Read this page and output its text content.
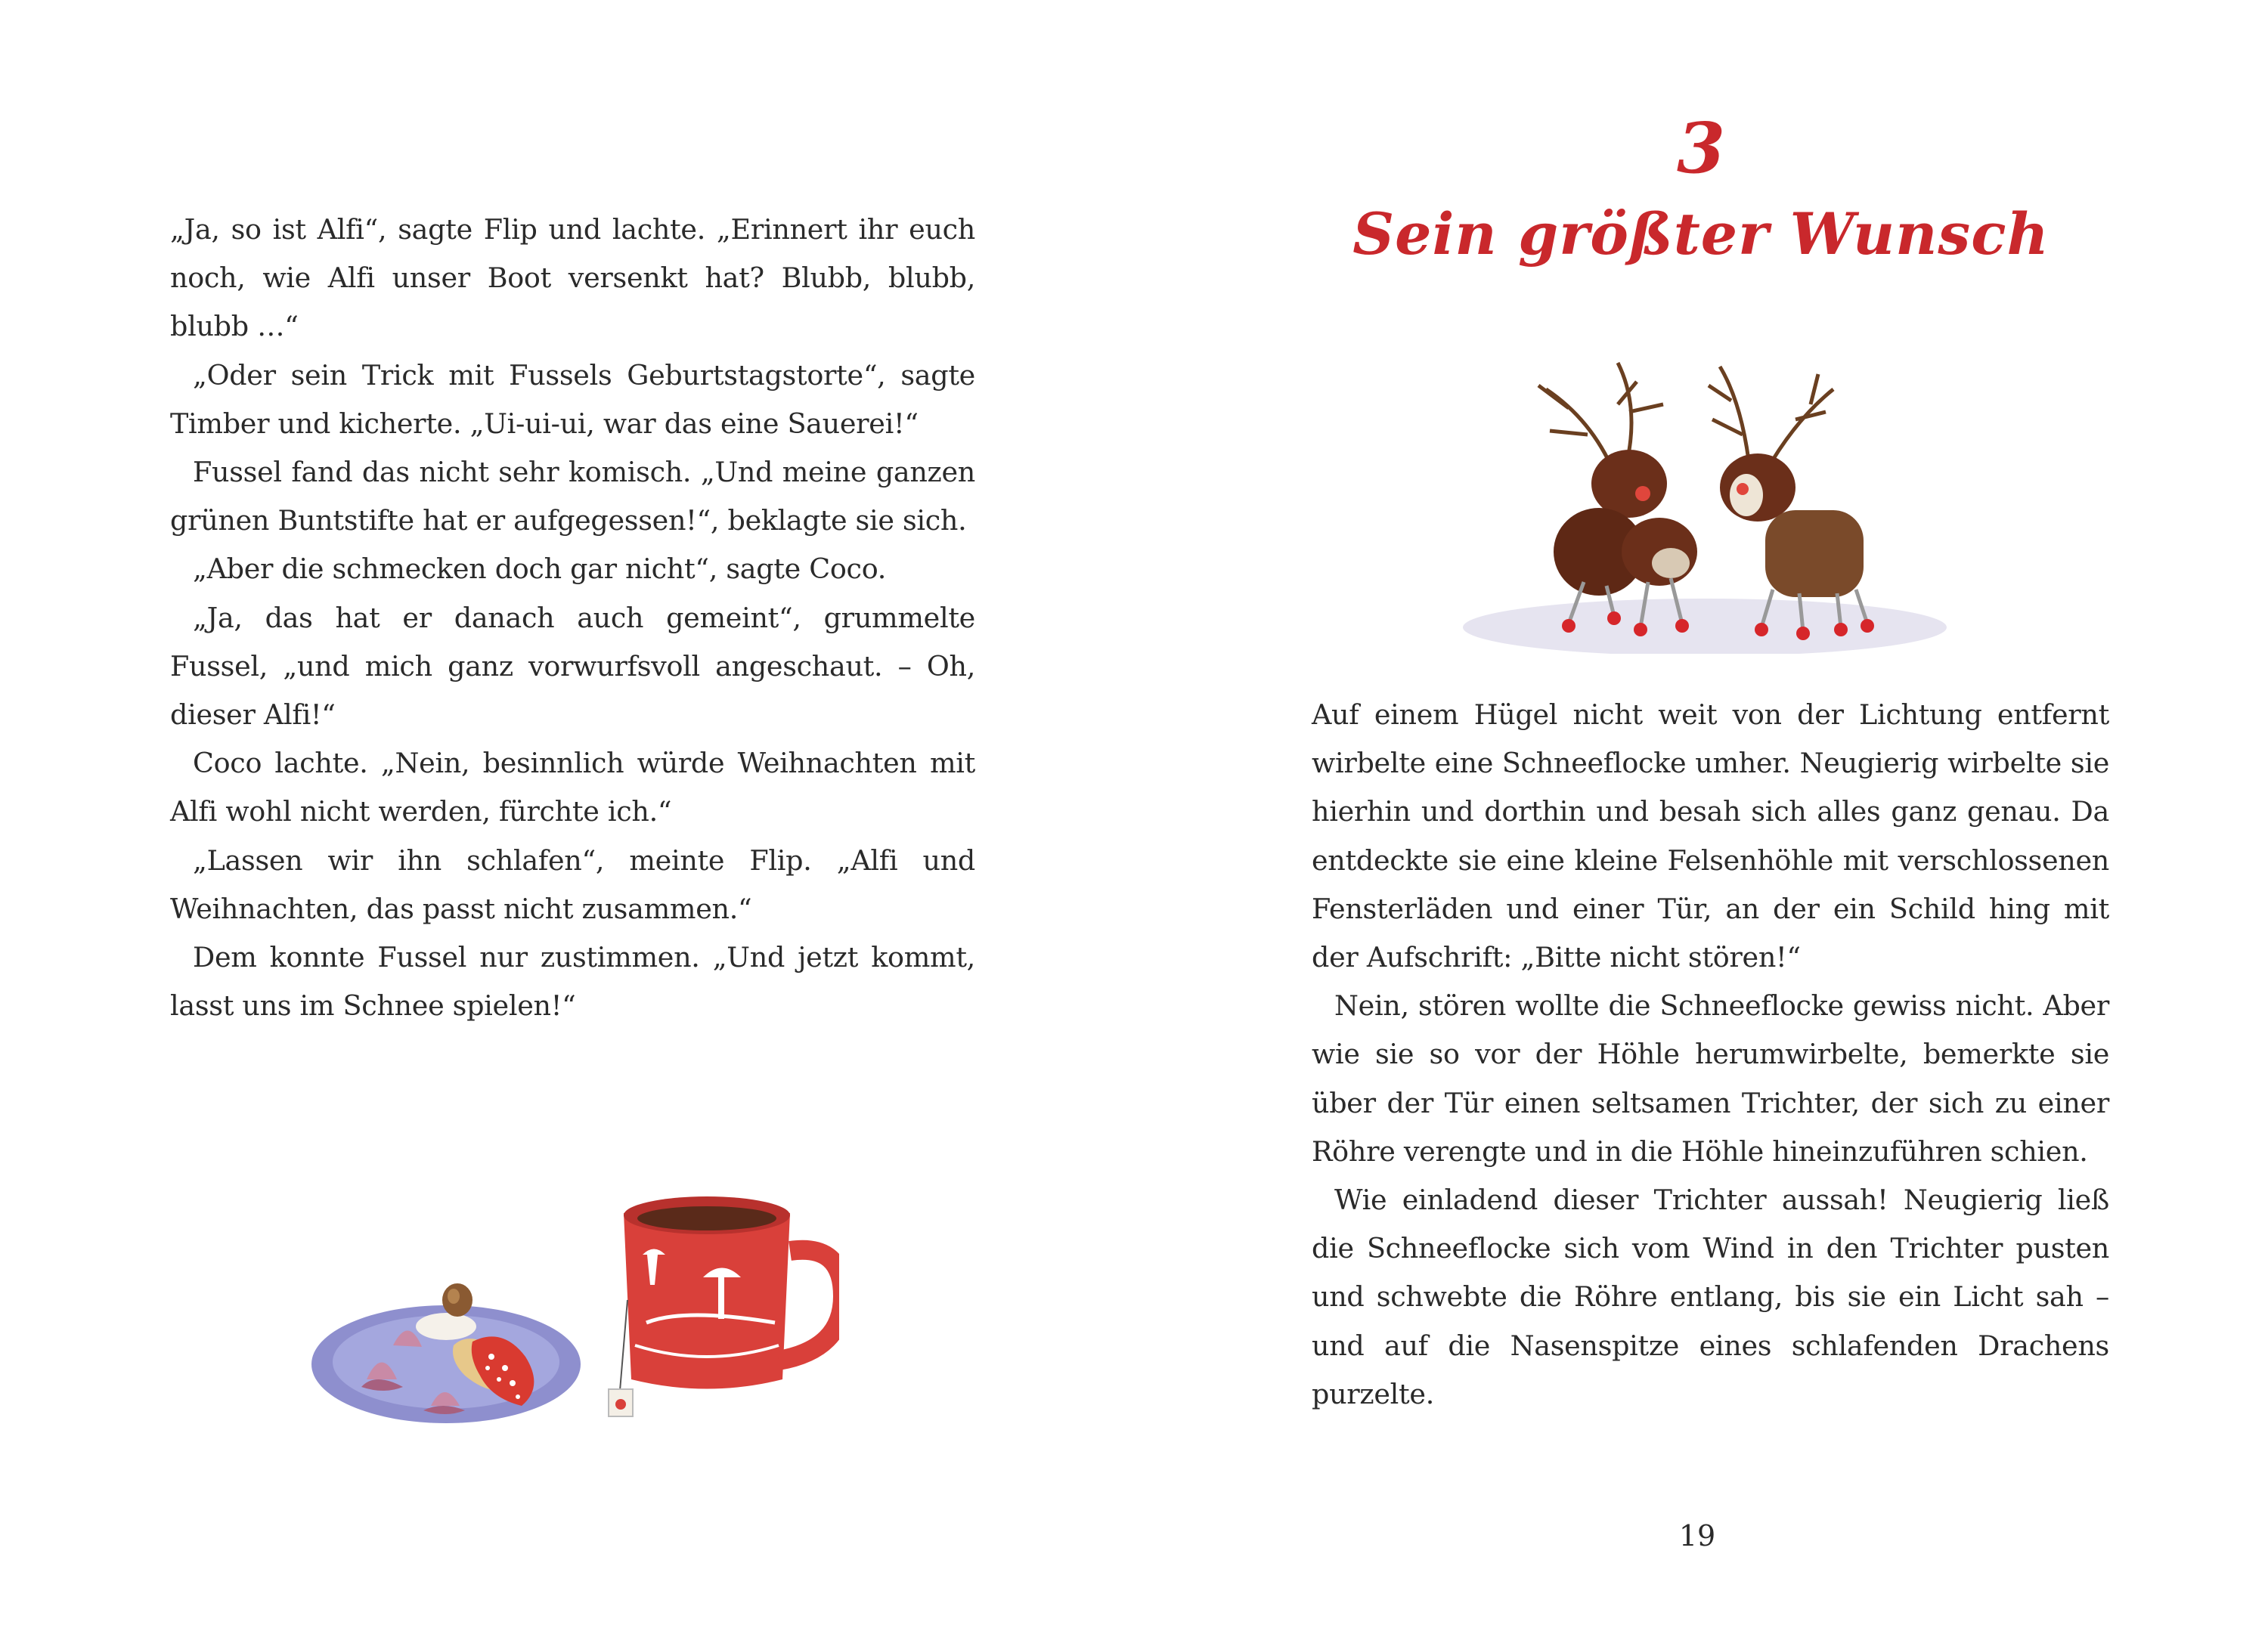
„Ja, so ist Alfi“, sagte Flip und lachte. „Erinnert ihr euch noch, wie Alfi unser Boot versenkt hat? Blubb, blubb, blubb …“

„Oder sein Trick mit Fussels Geburtstagstorte“, sagte Timber und kicherte. „Ui-ui-ui, war das eine Sauerei!“

Fussel fand das nicht sehr komisch. „Und meine ganzen grünen Buntstifte hat er aufgegessen!“, beklagte sie sich.

„Aber die schmecken doch gar nicht“, sagte Coco.

„Ja, das hat er danach auch gemeint“, grummelte Fussel, „und mich ganz vorwurfsvoll angeschaut. – Oh, dieser Alfi!“

Coco lachte. „Nein, besinnlich würde Weihnachten mit Alfi wohl nicht werden, fürchte ich.“

„Lassen wir ihn schlafen“, meinte Flip. „Alfi und Weihnachten, das passt nicht zusammen.“

Dem konnte Fussel nur zustimmen. „Und jetzt kommt, lasst uns im Schnee spielen!“

3
Sein größter Wunsch

Auf einem Hügel nicht weit von der Lichtung entfernt wirbelte eine Schneeflocke umher. Neugierig wirbelte sie hierhin und dorthin und besah sich alles ganz genau. Da entdeckte sie eine kleine Felsenhöhle mit verschlossenen Fensterläden und einer Tür, an der ein Schild hing mit der Aufschrift: „Bitte nicht stören!“

Nein, stören wollte die Schneeflocke gewiss nicht. Aber wie sie so vor der Höhle herumwirbelte, bemerkte sie über der Tür einen seltsamen Trichter, der sich zu einer Röhre verengte und in die Höhle hineinzuführen schien.

Wie einladend dieser Trichter aussah! Neugierig ließ die Schneeflocke sich vom Wind in den Trichter pusten und schwebte die Röhre entlang, bis sie ein Licht sah – und auf die Nasenspitze eines schlafenden Drachens purzelte.

19
